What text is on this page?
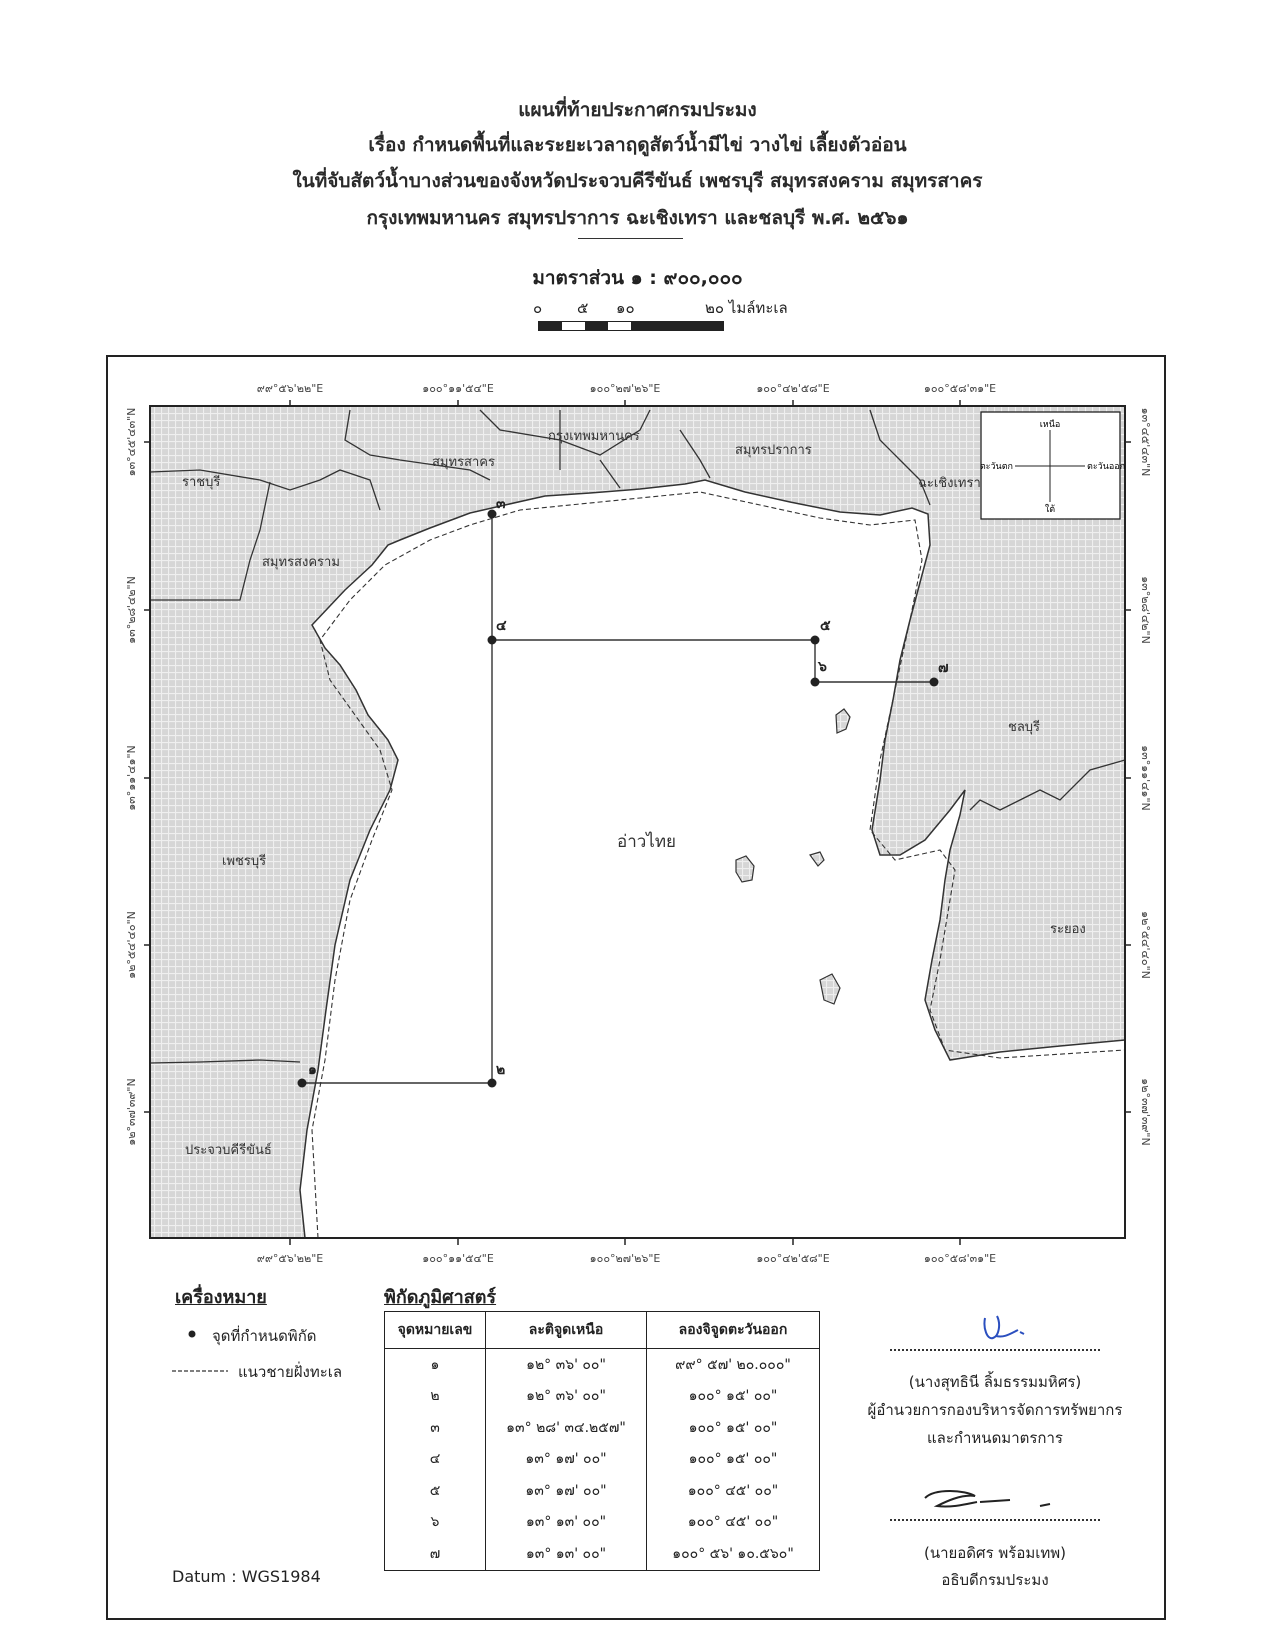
แผนที่ท้ายประกาศกรมประมง
เรื่อง กำหนดพื้นที่และระยะเวลาฤดูสัตว์น้ำมีไข่ วางไข่ เลี้ยงตัวอ่อน
ในที่จับสัตว์น้ำบางส่วนของจังหวัดประจวบคีรีขันธ์ เพชรบุรี สมุทรสงคราม สมุทรสาคร
กรุงเทพมหานคร สมุทรปราการ ฉะเชิงเทรา และชลบุรี พ.ศ. ๒๕๖๑
มาตราส่วน ๑ : ๙๐๐,๐๐๐
๐ ๕ ๑๐	๒๐ ไมล์ทะเล
๙๙°๕๖'๒๒"E	๑๐๐°๑๑'๕๔"E	๑๐๐°๒๗'๒๖"E	๑๐๐°๔๒'๕๘"E	๑๐๐°๕๘'๓๑"E
๙๙°๕๖'๒๒"E	๑๐๐°๑๑'๕๔"E	๑๐๐°๒๗'๒๖"E	๑๐๐°๔๒'๕๘"E	๑๐๐°๕๘'๓๑"E
๑๓°๔๕'๔๓"N
๑๓°๒๘'๔๒"N
๑๓°๑๑'๔๑"N
๑๒°๕๔'๔๐"N
๑๒°๓๗'๓๙"N
๑๓°๔๕'๔๓"N
๑๓°๒๘'๔๒"N
๑๓°๑๑'๔๑"N
๑๒°๕๔'๔๐"N
๑๒°๓๗'๓๙"N
ราชบุรี
สมุทรสาคร
กรุงเทพมหานคร
สมุทรปราการ
ฉะเชิงเทรา
สมุทรสงคราม
ชลบุรี
อ่าวไทย
เพชรบุรี
ระยอง
ประจวบคีรีขันธ์
๑	๒
๓
๔	๕
๖	๗
เหนือ
ใต้
ตะวันตก	ตะวันออก
เครื่องหมาย
จุดที่กำหนดพิกัด
แนวชายฝั่งทะเล
พิกัดภูมิศาสตร์
จุดหมายเลข	ละติจูดเหนือ	ลองจิจูดตะวันออก
๑	๑๒° ๓๖' ๐๐"	๙๙° ๕๗' ๒๐.๐๐๐"
๒	๑๒° ๓๖' ๐๐"	๑๐๐° ๑๕' ๐๐"
๓	๑๓° ๒๘' ๓๔.๒๕๗"	๑๐๐° ๑๕' ๐๐"
๔	๑๓° ๑๗' ๐๐"	๑๐๐° ๑๕' ๐๐"
๕	๑๓° ๑๗' ๐๐"	๑๐๐° ๔๕' ๐๐"
๖	๑๓° ๑๓' ๐๐"	๑๐๐° ๔๕' ๐๐"
๗	๑๓° ๑๓' ๐๐"	๑๐๐° ๕๖' ๑๐.๕๖๐"
Datum : WGS1984
(นางสุทธินี ลิ้มธรรมมหิศร)
ผู้อำนวยการกองบริหารจัดการทรัพยากร
และกำหนดมาตรการ
(นายอดิศร พร้อมเทพ)
อธิบดีกรมประมง
